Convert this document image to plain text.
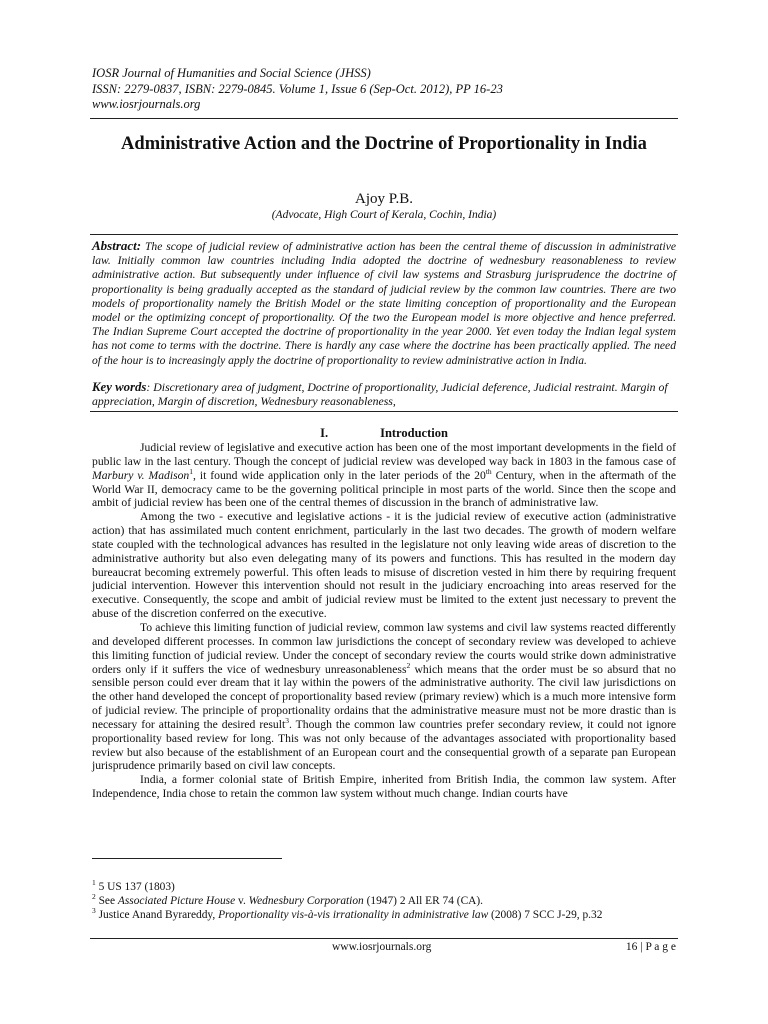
IOSR Journal of Humanities and Social Science (JHSS)
ISSN: 2279-0837, ISBN: 2279-0845. Volume 1, Issue 6 (Sep-Oct. 2012), PP 16-23
www.iosrjournals.org
Administrative Action and the Doctrine of Proportionality in India
Ajoy P.B.
(Advocate, High Court of Kerala, Cochin, India)
Abstract: The scope of judicial review of administrative action has been the central theme of discussion in administrative law. Initially common law countries including India adopted the doctrine of wednesbury reasonableness to review administrative action. But subsequently under influence of civil law systems and Strasburg jurisprudence the doctrine of proportionality is being gradually accepted as the standard of judicial review by the common law countries. There are two models of proportionality namely the British Model or the state limiting conception of proportionality and the European model or the optimizing concept of proportionality. Of the two the European model is more objective and hence preferred. The Indian Supreme Court accepted the doctrine of proportionality in the year 2000. Yet even today the Indian legal system has not come to terms with the doctrine. There is hardly any case where the doctrine has been practically applied. The need of the hour is to increasingly apply the doctrine of proportionality to review administrative action in India.
Key words: Discretionary area of judgment, Doctrine of proportionality, Judicial deference, Judicial restraint. Margin of appreciation, Margin of discretion, Wednesbury reasonableness,
I.	Introduction

Judicial review of legislative and executive action has been one of the most important developments in the field of public law in the last century. Though the concept of judicial review was developed way back in 1803 in the famous case of Marbury v. Madison$^1$, it found wide application only in the later periods of the 20th Century, when in the aftermath of the World War II, democracy came to be the governing political principle in most parts of the world. Since then the scope and ambit of judicial review has been one of the central themes of discussion in the branch of administrative law.

Among the two - executive and legislative actions - it is the judicial review of executive action (administrative action) that has assimilated much content enrichment, particularly in the last two decades. The growth of modern welfare state coupled with the technological advances has resulted in the legislature not only leaving wide areas of discretion to the administrative authority but also even delegating many of its powers and functions. This has resulted in the modern day bureaucrat becoming extremely powerful. This often leads to misuse of discretion vested in him there by requiring frequent judicial intervention. However this intervention should not result in the judiciary encroaching into areas reserved for the executive. Consequently, the scope and ambit of judicial review must be limited to the extent just necessary to prevent the abuse of the discretion conferred on the executive.

To achieve this limiting function of judicial review, common law systems and civil law systems reacted differently and developed different processes. In common law jurisdictions the concept of secondary review was developed to achieve this limiting function of judicial review. Under the concept of secondary review the courts would strike down administrative orders only if it suffers the vice of wednesbury unreasonableness$^2$ which means that the order must be so absurd that no sensible person could ever dream that it lay within the powers of the administrative authority. The civil law jurisdictions on the other hand developed the concept of proportionality based review (primary review) which is a much more intensive form of judicial review. The principle of proportionality ordains that the administrative measure must not be more drastic than is necessary for attaining the desired result$^3$. Though the common law countries prefer secondary review, it could not ignore proportionality based review for long. This was not only because of the advantages associated with proportionality based review but also because of the establishment of an European court and the consequential growth of a separate pan European jurisprudence primarily based on civil law concepts.

India, a former colonial state of British Empire, inherited from British India, the common law system. After Independence, India chose to retain the common law system without much change. Indian courts have

$^1$ 5 US 137 (1803)
$^2$ See Associated Picture House v. Wednesbury Corporation (1947) 2 All ER 74 (CA).
$^3$ Justice Anand Byrareddy, Proportionality vis-à-vis irrationality in administrative law (2008) 7 SCC J-29, p.32
www.iosrjournals.org	16 | P a g e
